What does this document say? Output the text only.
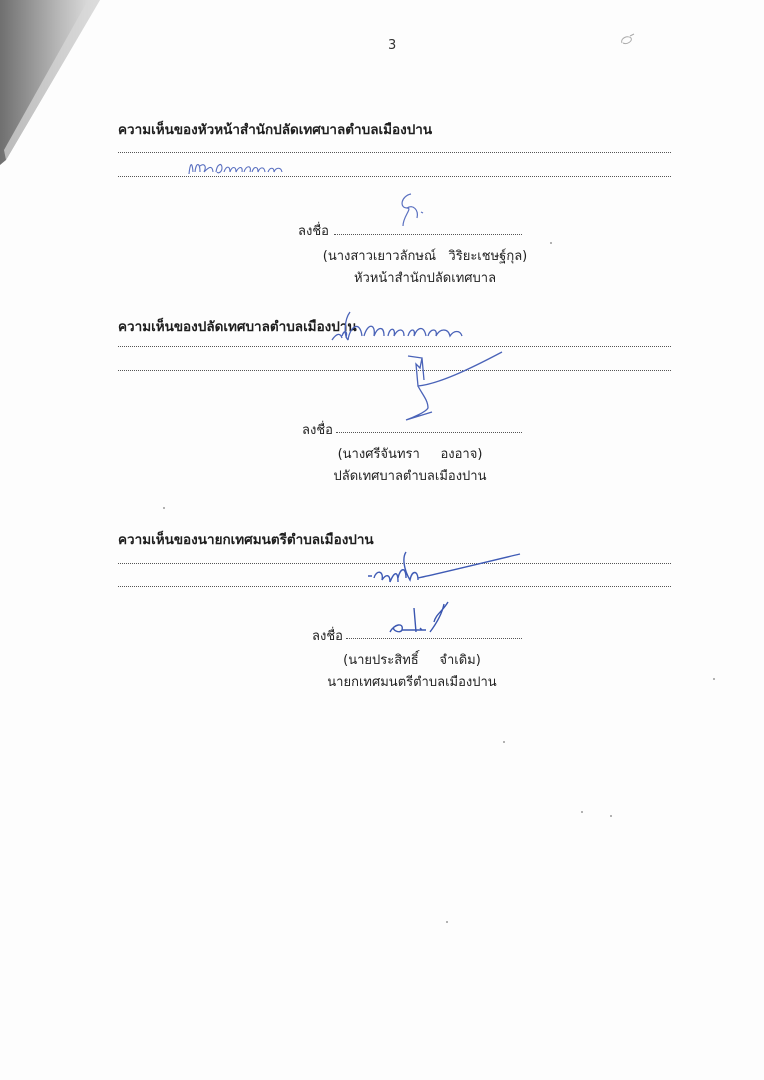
3
ความเห็นของหัวหน้าสำนักปลัดเทศบาลตำบลเมืองปาน
ลงชื่อ
(นางสาวเยาวลักษณ์   วิริยะเชษฐ์กุล)
หัวหน้าสำนักปลัดเทศบาล
ความเห็นของปลัดเทศบาลตำบลเมืองปาน
ลงชื่อ
(นางศรีจันทรา     องอาจ)
ปลัดเทศบาลตำบลเมืองปาน
ความเห็นของนายกเทศมนตรีตำบลเมืองปาน
ลงชื่อ
(นายประสิทธิ์     จำเดิม)
นายกเทศมนตรีตำบลเมืองปาน
